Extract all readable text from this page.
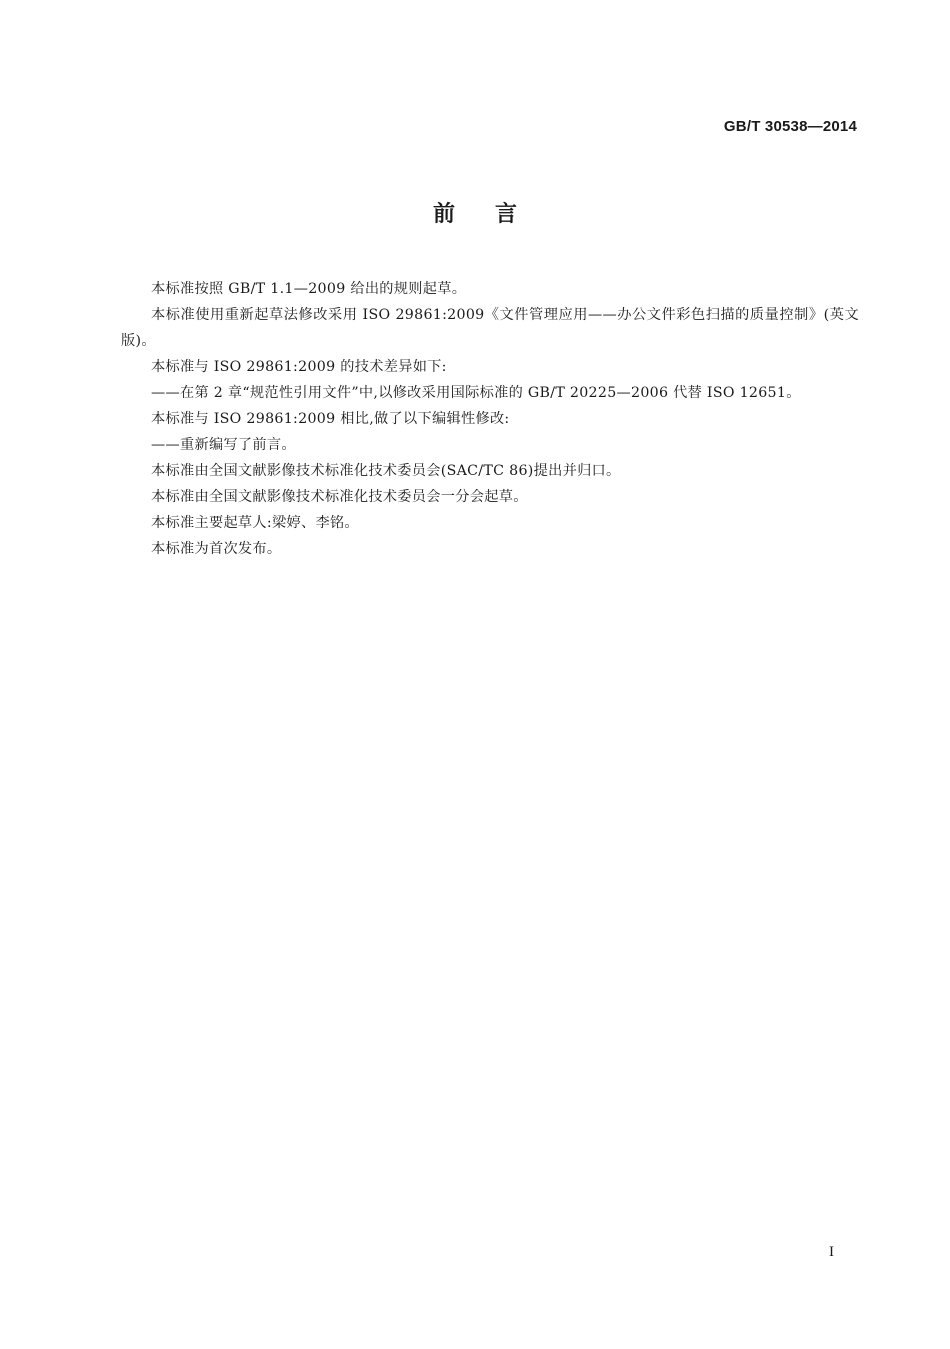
GB/T 30538—2014
前言

本标准按照 GB/T 1.1—2009 给出的规则起草。

本标准使用重新起草法修改采用 ISO 29861:2009《文件管理应用——办公文件彩色扫描的质量控制》(英文版)。

本标准与 ISO 29861:2009 的技术差异如下:

——在第 2 章“规范性引用文件”中,以修改采用国际标准的 GB/T 20225—2006 代替 ISO 12651。

本标准与 ISO 29861:2009 相比,做了以下编辑性修改:

——重新编写了前言。

本标准由全国文献影像技术标准化技术委员会(SAC/TC 86)提出并归口。

本标准由全国文献影像技术标准化技术委员会一分会起草。

本标准主要起草人:梁婷、李铭。

本标准为首次发布。

I
